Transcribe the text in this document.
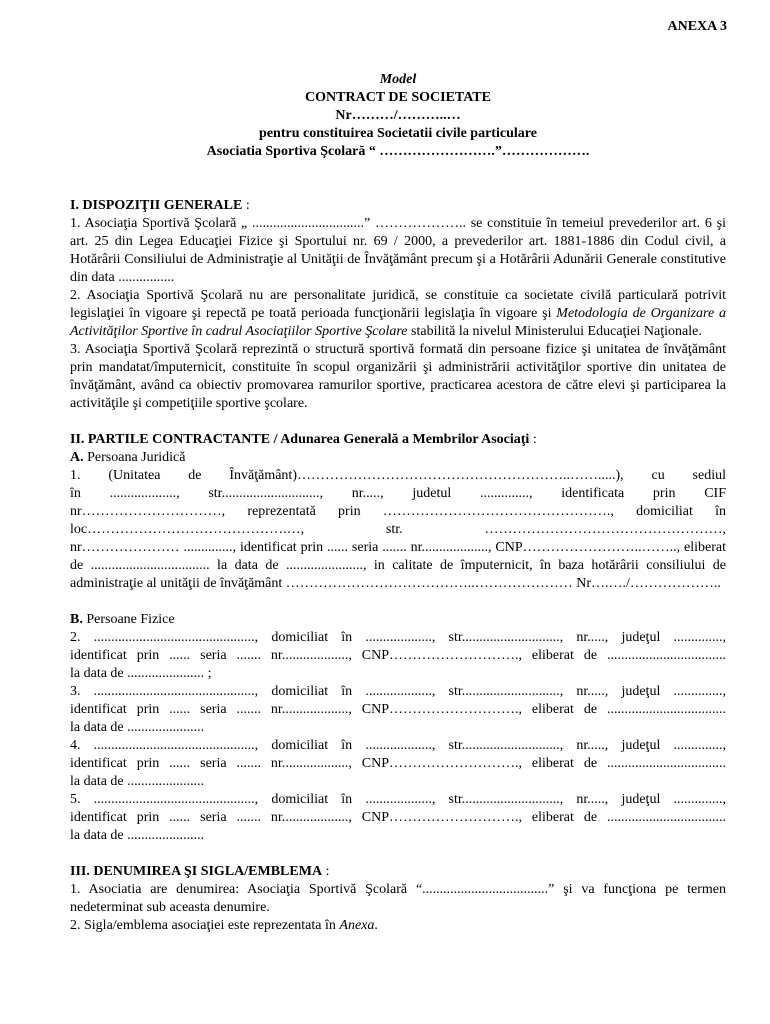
ANEXA 3
Model
CONTRACT DE SOCIETATE
Nr………/………..…
pentru constituirea Societatii civile particulare
Asociatia Sportiva Şcolară “ …………………….”……………….

I. DISPOZIŢII GENERALE :

1. Asociaţia Sportivă Şcolară „ ................................” ……………….. se constituie în temeiul prevederilor art. 6 şi art. 25 din Legea Educaţiei Fizice şi Sportului nr. 69 / 2000, a prevederilor art. 1881-1886 din Codul civil, a Hotărârii Consiliului de Administraţie al Unităţii de Învăţământ precum şi a Hotărârii Adunării Generale constitutive din data ................

2. Asociaţia Sportivă Şcolară nu are personalitate juridică, se constituie ca societate civilă particulară potrivit legislaţiei în vigoare şi repectă pe toată perioada funcţionării legislaţia în vigoare şi Metodologia de Organizare a Activităţilor Sportive în cadrul Asociaţiilor Sportive Şcolare stabilită la nivelul Ministerului Educaţiei Naţionale.

3. Asociaţia Sportivă Şcolară reprezintă o structură sportivă formată din persoane fizice şi unitatea de învăţământ prin mandatat/împuternicit, constituite în scopul organizării şi administrării activităţilor sportive din unitatea de învăţământ, având ca obiectiv promovarea ramurilor sportive, practicarea acestora de către elevi şi participarea la activităţile şi competiţiile sportive şcolare.

II. PARTILE CONTRACTANTE / Adunarea Generală a Membrilor Asociaţi :

A. Persoana Juridică

1. (Unitatea de Învăţământ)…………………………………………………..…….....), cu sediul

în ..................., str............................, nr....., judetul .............., identificata prin CIF

nr…………………………, reprezentată prin …………………………………………., domiciliat în

loc…………………………………….…, str. ……………………………………………,

nr………………… .............., identificat prin ...... seria ....... nr..................., CNP……………………..…….., eliberat de .................................. la data de ......................, in calitate de împuternicit, în baza hotărârii consiliului de administraţie al unităţii de învăţământ …………………………………..………………… Nr….…./………………..

B. Persoane Fizice

2. .............................................., domiciliat în ..................., str............................, nr....., judeţul ..............,

identificat prin ...... seria ....... nr..................., CNP………………………., eliberat de ..................................

la data de ...................... ;

3. .............................................., domiciliat în ..................., str............................, nr....., judeţul ..............,

identificat prin ...... seria ....... nr..................., CNP………………………., eliberat de ..................................

la data de ......................

4. .............................................., domiciliat în ..................., str............................, nr....., judeţul ..............,

identificat prin ...... seria ....... nr..................., CNP………………………., eliberat de ..................................

la data de ......................

5. .............................................., domiciliat în ..................., str............................, nr....., judeţul ..............,

identificat prin ...... seria ....... nr..................., CNP………………………., eliberat de ..................................

la data de ......................

III. DENUMIREA ŞI SIGLA/EMBLEMA :

1. Asociatia are denumirea: Asociaţia Sportivă Şcolară “....................................” şi va funcţiona pe termen nedeterminat sub aceasta denumire.

2. Sigla/emblema asociaţiei este reprezentata în Anexa.
